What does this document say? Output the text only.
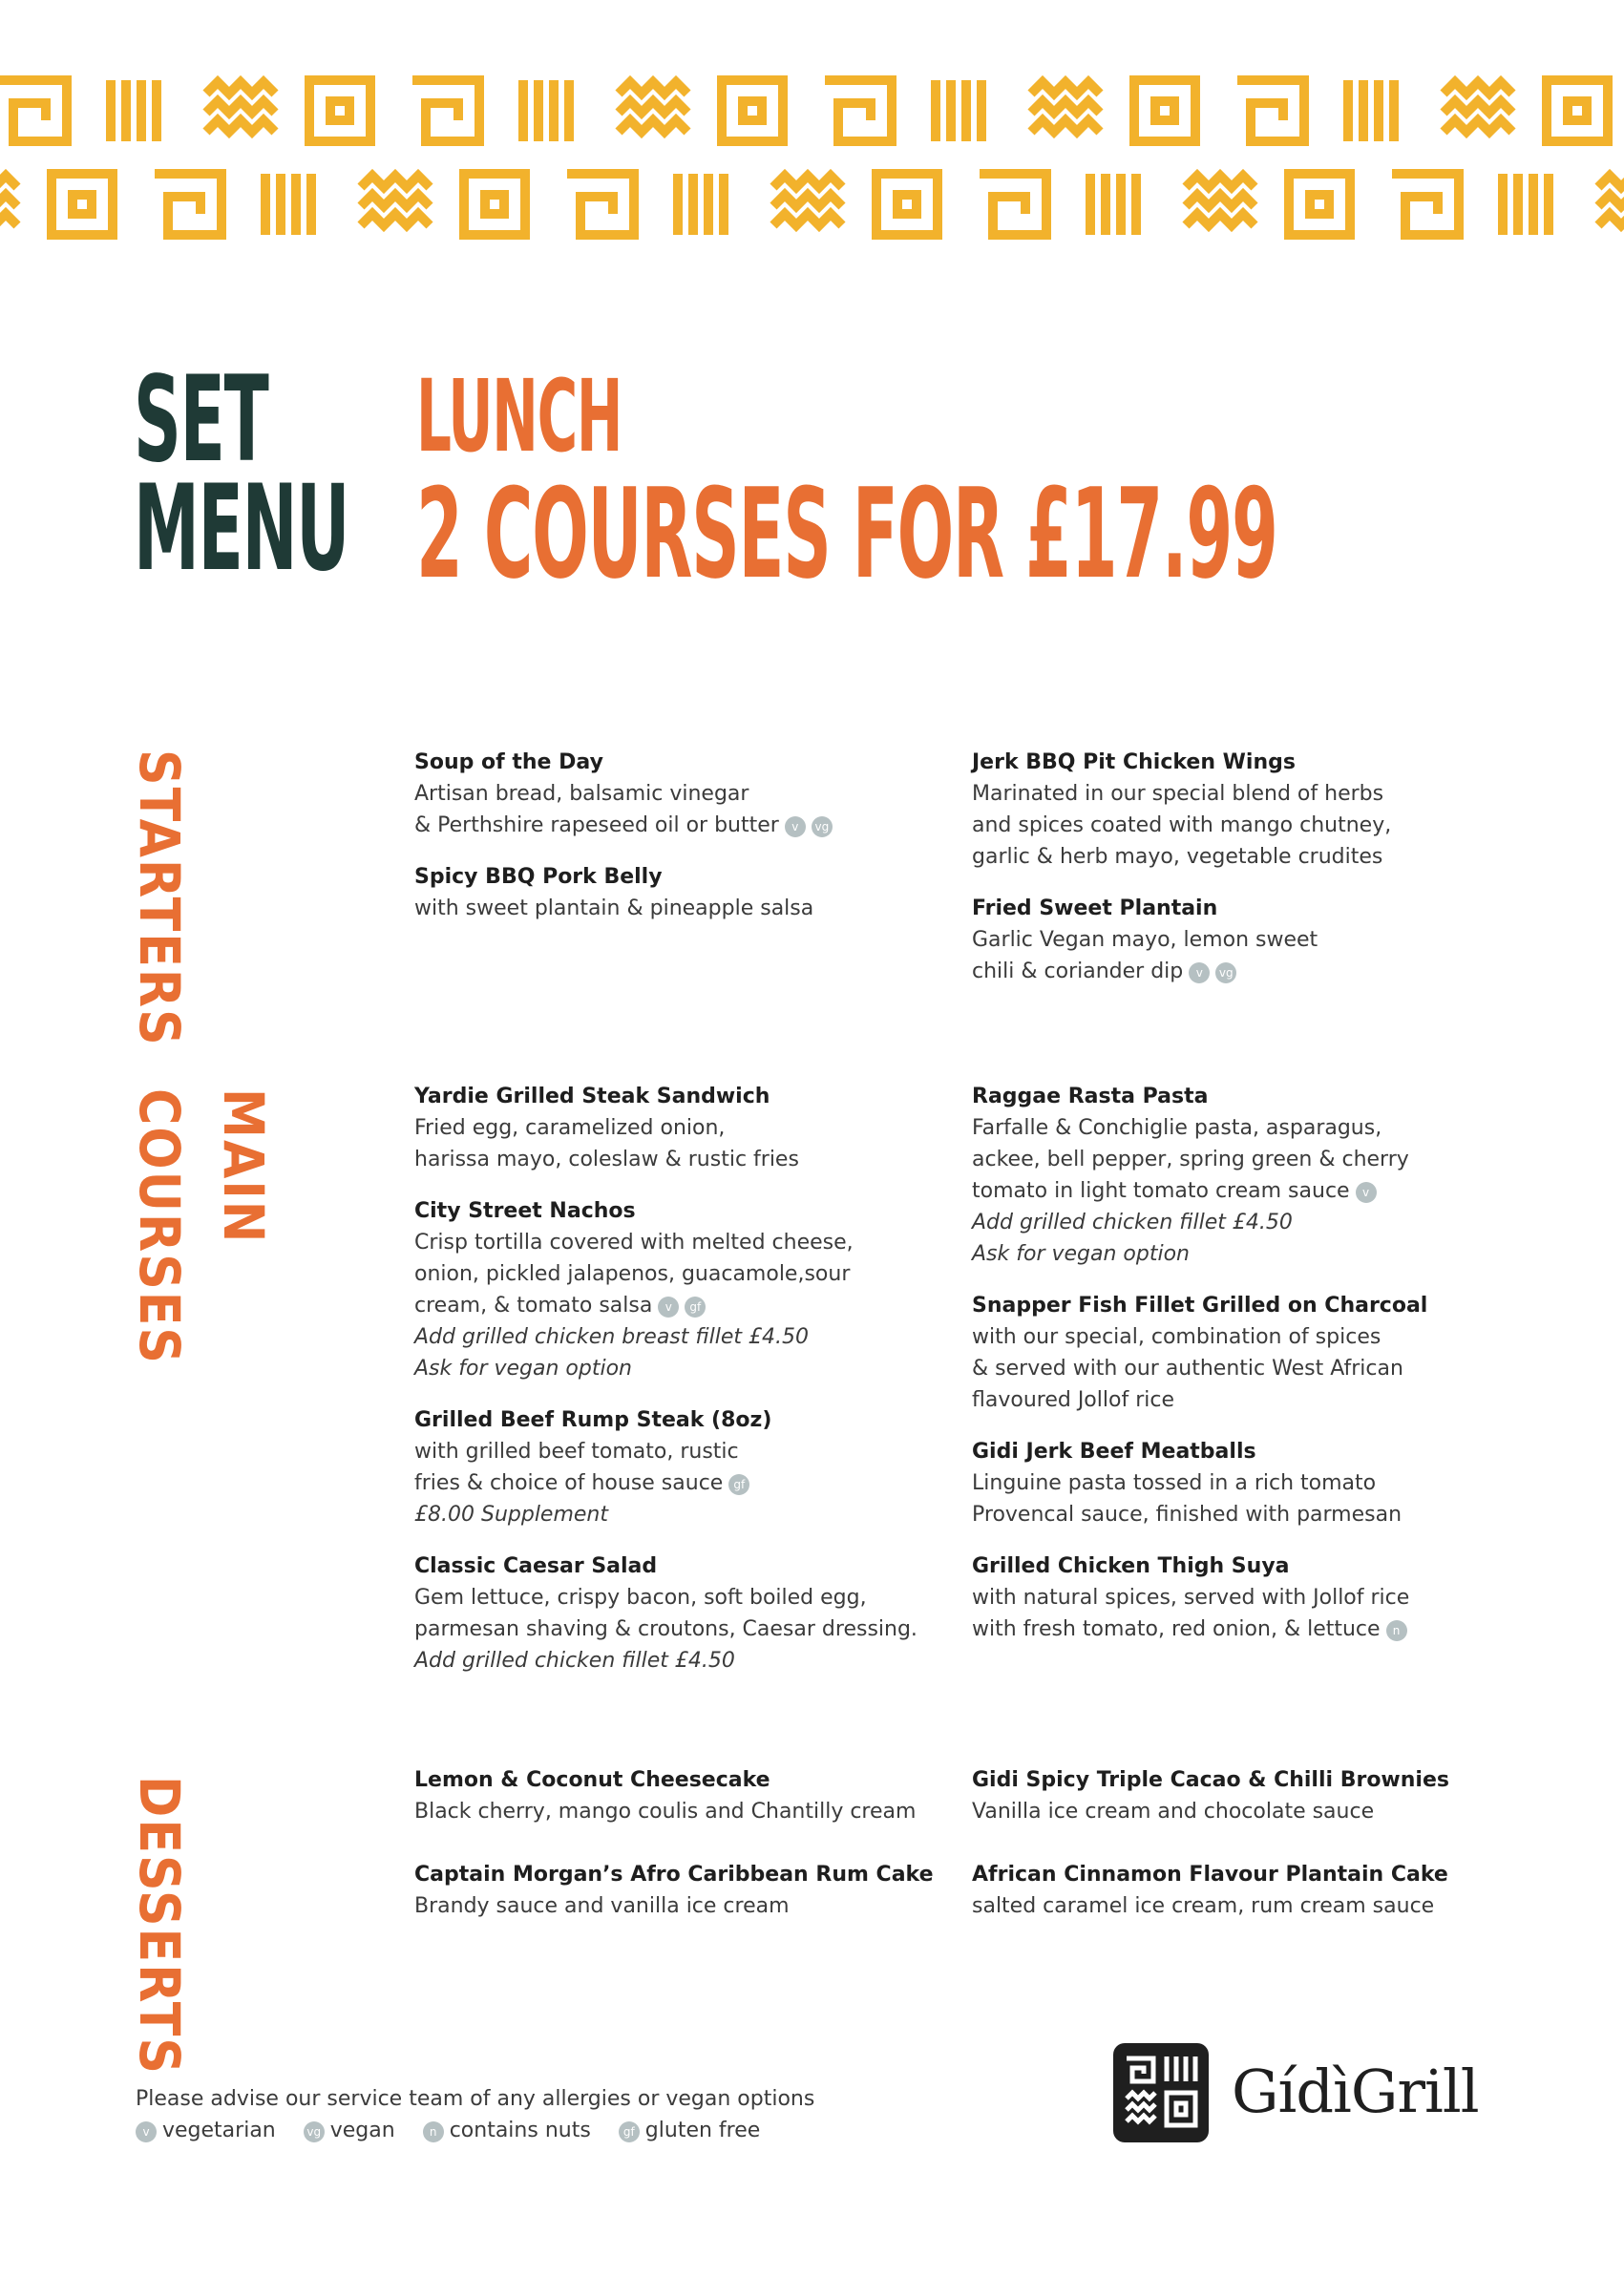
SET
MENU
LUNCH
2 COURSES FOR £17.99
STARTERS
MAIN
COURSES
DESSERTS
Soup of the Day
Artisan bread, balsamic vinegar
& Perthshire rapeseed oil or butter v vg
Spicy BBQ Pork Belly
with sweet plantain & pineapple salsa
Jerk BBQ Pit Chicken Wings
Marinated in our special blend of herbs
and spices coated with mango chutney,
garlic & herb mayo, vegetable crudites
Fried Sweet Plantain
Garlic Vegan mayo, lemon sweet
chili & coriander dip v vg
Yardie Grilled Steak Sandwich
Fried egg, caramelized onion,
harissa mayo, coleslaw & rustic fries
City Street Nachos
Crisp tortilla covered with melted cheese,
onion, pickled jalapenos, guacamole,sour
cream, & tomato salsa v gf
Add grilled chicken breast fillet £4.50
Ask for vegan option
Grilled Beef Rump Steak (8oz)
with grilled beef tomato, rustic
fries & choice of house sauce gf
£8.00 Supplement
Classic Caesar Salad
Gem lettuce, crispy bacon, soft boiled egg,
parmesan shaving & croutons, Caesar dressing.
Add grilled chicken fillet £4.50
Raggae Rasta Pasta
Farfalle & Conchiglie pasta, asparagus,
ackee, bell pepper, spring green & cherry
tomato in light tomato cream sauce v
Add grilled chicken fillet £4.50
Ask for vegan option
Snapper Fish Fillet Grilled on Charcoal
with our special, combination of spices
& served with our authentic West African
flavoured Jollof rice
Gidi Jerk Beef Meatballs
Linguine pasta tossed in a rich tomato
Provencal sauce, finished with parmesan
Grilled Chicken Thigh Suya
with natural spices, served with Jollof rice
with fresh tomato, red onion, & lettuce n
Lemon & Coconut Cheesecake
Black cherry, mango coulis and Chantilly cream
Captain Morgan’s Afro Caribbean Rum Cake
Brandy sauce and vanilla ice cream
Gidi Spicy Triple Cacao & Chilli Brownies
Vanilla ice cream and chocolate sauce
African Cinnamon Flavour Plantain Cake
salted caramel ice cream, rum cream sauce
Please advise our service team of any allergies or vegan options
v vegetarian	vg vegan	n contains nuts	gf gluten free
GídìGrill
